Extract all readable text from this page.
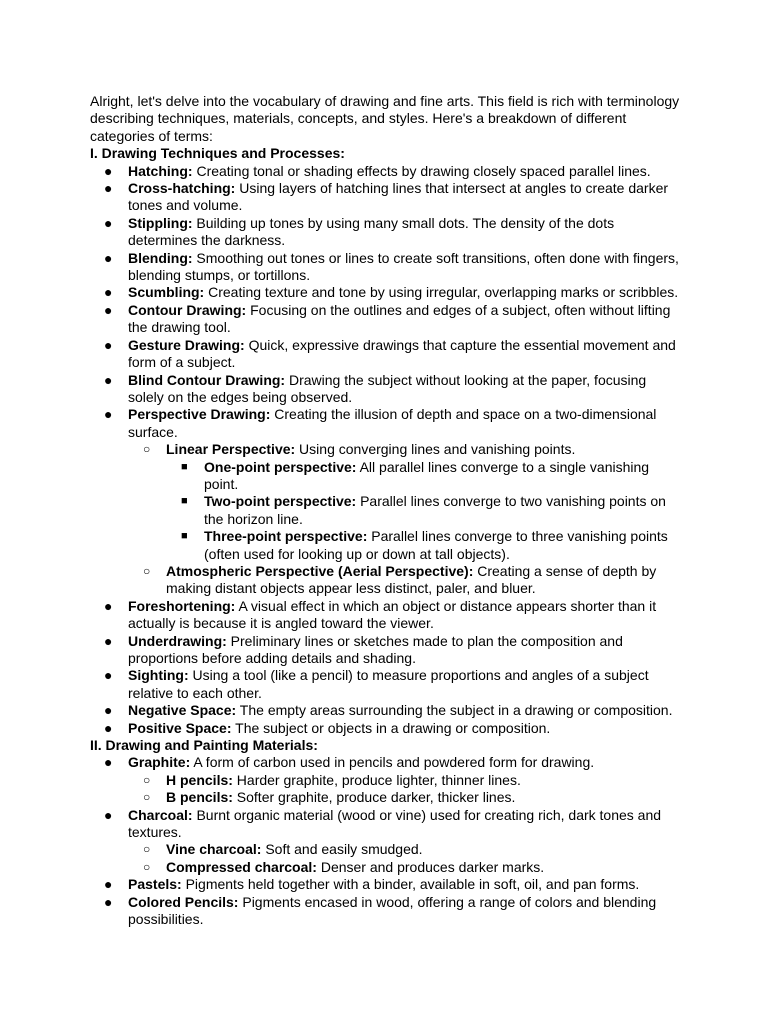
Alright, let's delve into the vocabulary of drawing and fine arts. This field is rich with terminology describing techniques, materials, concepts, and styles. Here's a breakdown of different categories of terms:

I. Drawing Techniques and Processes:

● Hatching: Creating tonal or shading effects by drawing closely spaced parallel lines.
● Cross-hatching: Using layers of hatching lines that intersect at angles to create darker tones and volume.
● Stippling: Building up tones by using many small dots. The density of the dots determines the darkness.
● Blending: Smoothing out tones or lines to create soft transitions, often done with fingers, blending stumps, or tortillons.
● Scumbling: Creating texture and tone by using irregular, overlapping marks or scribbles.
● Contour Drawing: Focusing on the outlines and edges of a subject, often without lifting the drawing tool.
● Gesture Drawing: Quick, expressive drawings that capture the essential movement and form of a subject.
● Blind Contour Drawing: Drawing the subject without looking at the paper, focusing solely on the edges being observed.
● Perspective Drawing: Creating the illusion of depth and space on a two-dimensional surface.
○ Linear Perspective: Using converging lines and vanishing points.
■ One-point perspective: All parallel lines converge to a single vanishing point.
■ Two-point perspective: Parallel lines converge to two vanishing points on the horizon line.
■ Three-point perspective: Parallel lines converge to three vanishing points (often used for looking up or down at tall objects).
○ Atmospheric Perspective (Aerial Perspective): Creating a sense of depth by making distant objects appear less distinct, paler, and bluer.
● Foreshortening: A visual effect in which an object or distance appears shorter than it actually is because it is angled toward the viewer.
● Underdrawing: Preliminary lines or sketches made to plan the composition and proportions before adding details and shading.
● Sighting: Using a tool (like a pencil) to measure proportions and angles of a subject relative to each other.
● Negative Space: The empty areas surrounding the subject in a drawing or composition.
● Positive Space: The subject or objects in a drawing or composition.

II. Drawing and Painting Materials:

● Graphite: A form of carbon used in pencils and powdered form for drawing.
○ H pencils: Harder graphite, produce lighter, thinner lines.
○ B pencils: Softer graphite, produce darker, thicker lines.
● Charcoal: Burnt organic material (wood or vine) used for creating rich, dark tones and textures.
○ Vine charcoal: Soft and easily smudged.
○ Compressed charcoal: Denser and produces darker marks.
● Pastels: Pigments held together with a binder, available in soft, oil, and pan forms.
● Colored Pencils: Pigments encased in wood, offering a range of colors and blending possibilities.
